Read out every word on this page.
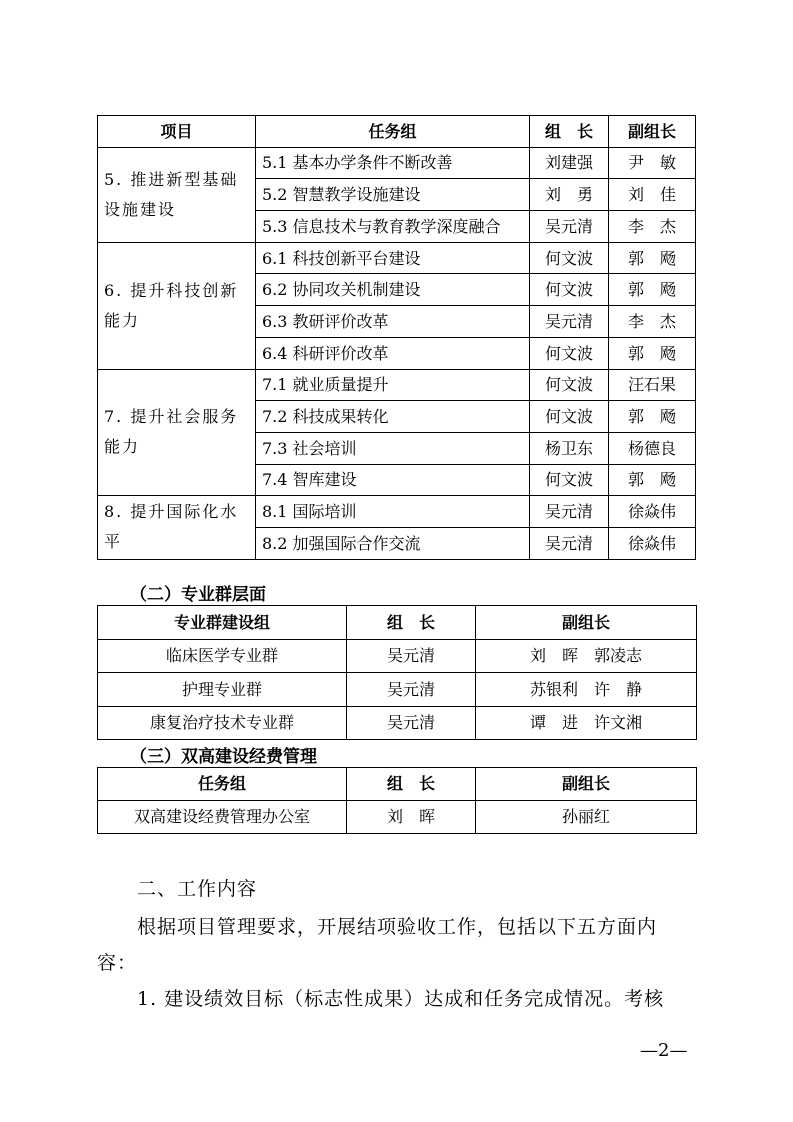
项目	任务组	组　长	副组长
5. 推进新型基础设施建设	5.1 基本办学条件不断改善	刘建强	尹　敏
	5.2 智慧教学设施建设	刘　勇	刘　佳
	5.3 信息技术与教育教学深度融合	吴元清	李　杰
6. 提升科技创新能力	6.1 科技创新平台建设	何文波	郭　飏
	6.2 协同攻关机制建设	何文波	郭　飏
	6.3 教研评价改革	吴元清	李　杰
	6.4 科研评价改革	何文波	郭　飏
7. 提升社会服务能力	7.1 就业质量提升	何文波	汪石果
	7.2 科技成果转化	何文波	郭　飏
	7.3 社会培训	杨卫东	杨德良
	7.4 智库建设	何文波	郭　飏
8. 提升国际化水平	8.1 国际培训	吴元清	徐焱伟
	8.2 加强国际合作交流	吴元清	徐焱伟
（二）专业群层面
专业群建设组	组　长	副组长
临床医学专业群	吴元清	刘　晖　郭凌志
护理专业群	吴元清	苏银利　许　静
康复治疗技术专业群	吴元清	谭　进　许文湘
（三）双高建设经费管理
任务组	组　长	副组长
双高建设经费管理办公室	刘　晖	孙丽红
二、工作内容
根据项目管理要求，开展结项验收工作，包括以下五方面内
容：
1. 建设绩效目标（标志性成果）达成和任务完成情况。考核
—2—
